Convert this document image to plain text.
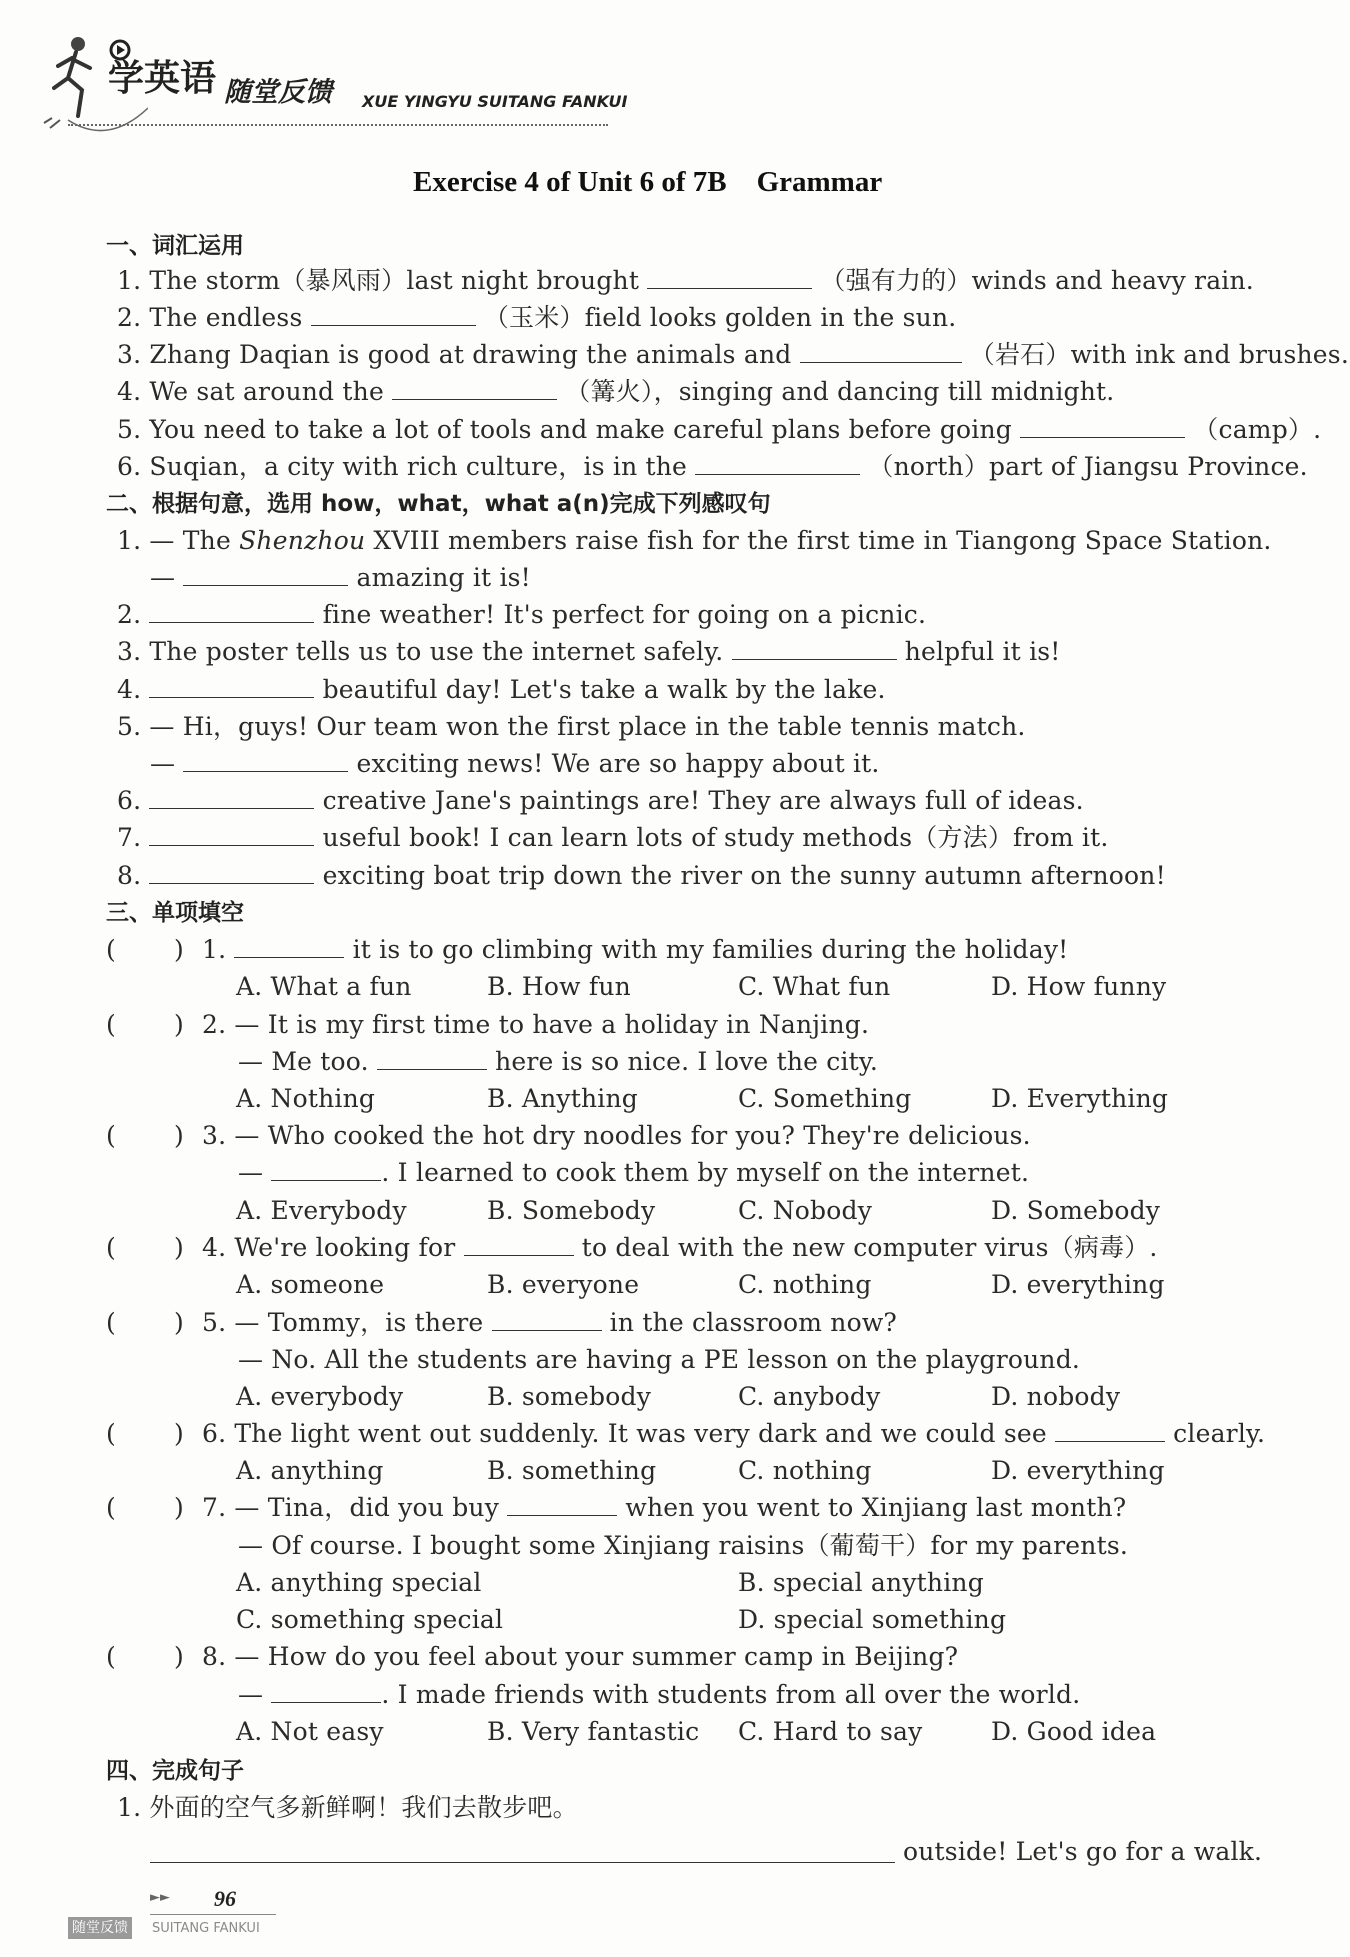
学英语 随堂反馈 XUE YINGYU SUITANG FANKUI
Exercise 4 of Unit 6 of 7B Grammar
一、词汇运用
1. The storm（暴风雨）last night brought	（强有力的）winds and heavy rain.
2. The endless	（玉米）field looks golden in the sun.
3. Zhang Daqian is good at drawing the animals and	（岩石）with ink and brushes.
4. We sat around the	（篝火），singing and dancing till midnight.
5. You need to take a lot of tools and make careful plans before going	（camp）.
6. Suqian，a city with rich culture，is in the	（north）part of Jiangsu Province.
二、根据句意，选用 how，what，what a(n)完成下列感叹句
1. — The Shenzhou XVIII members raise fish for the first time in Tiangong Space Station.
—	amazing it is!
2.	fine weather! It's perfect for going on a picnic.
3. The poster tells us to use the internet safely.	helpful it is!
4.	beautiful day! Let's take a walk by the lake.
5. — Hi，guys! Our team won the first place in the table tennis match.
—	exciting news! We are so happy about it.
6.	creative Jane's paintings are! They are always full of ideas.
7.	useful book! I can learn lots of study methods（方法）from it.
8.	exciting boat trip down the river on the sunny autumn afternoon!
三、单项填空
( ) 1.	it is to go climbing with my families during the holiday!
A. What a fun	B. How fun	C. What fun	D. How funny
( ) 2. — It is my first time to have a holiday in Nanjing.
— Me too.	here is so nice. I love the city.
A. Nothing	B. Anything	C. Something	D. Everything
( ) 3. — Who cooked the hot dry noodles for you? They're delicious.
—	. I learned to cook them by myself on the internet.
A. Everybody	B. Somebody	C. Nobody	D. Somebody
( ) 4. We're looking for	to deal with the new computer virus（病毒）.
A. someone	B. everyone	C. nothing	D. everything
( ) 5. — Tommy，is there	in the classroom now?
— No. All the students are having a PE lesson on the playground.
A. everybody	B. somebody	C. anybody	D. nobody
( ) 6. The light went out suddenly. It was very dark and we could see	clearly.
A. anything	B. something	C. nothing	D. everything
( ) 7. — Tina，did you buy	when you went to Xinjiang last month?
— Of course. I bought some Xinjiang raisins（葡萄干）for my parents.
A. anything special	B. special anything
C. something special	D. special something
( ) 8. — How do you feel about your summer camp in Beijing?
—	. I made friends with students from all over the world.
A. Not easy	B. Very fantastic C. Hard to say	D. Good idea
四、完成句子
1. 外面的空气多新鲜啊！我们去散步吧。
outside! Let's go for a walk.
►► 96
随堂反馈	SUITANG FANKUI
